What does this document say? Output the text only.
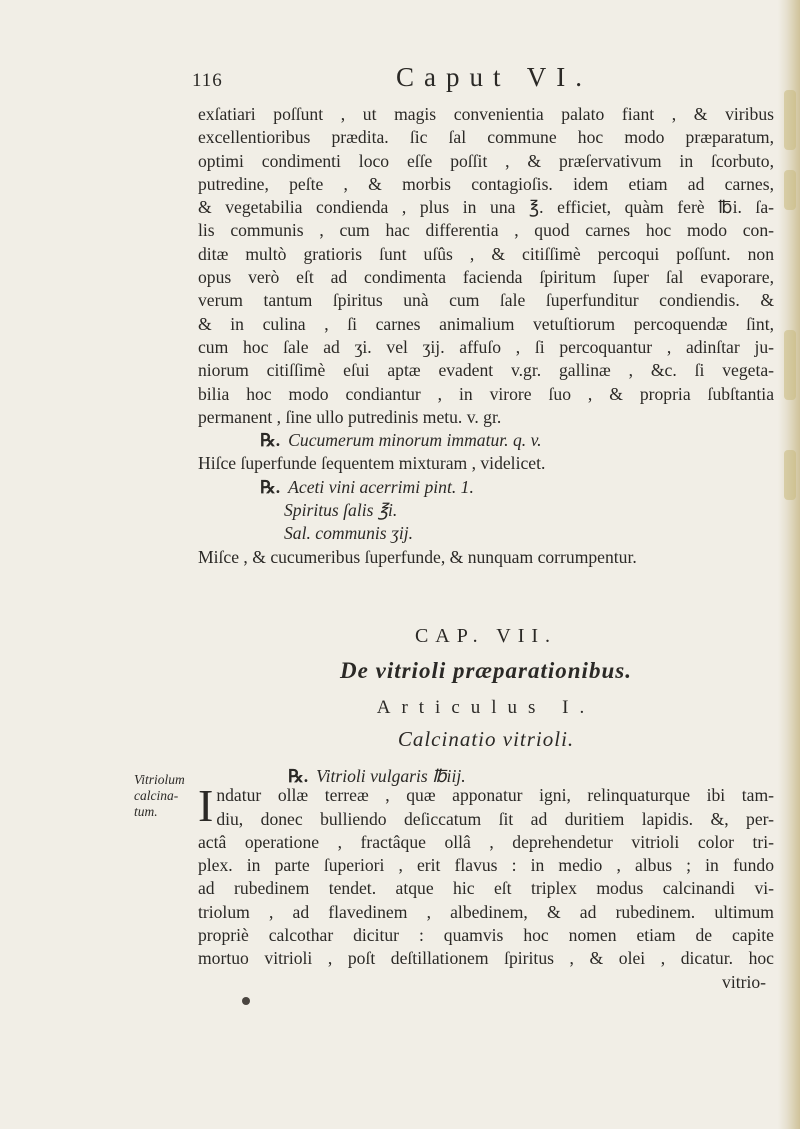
116	Caput VI.
exſatiari poſſunt , ut magis convenientia palato fiant , & viribus
excellentioribus prædita. ſic ſal commune hoc modo præparatum,
optimi condimenti loco eſſe poſſit , & præſervativum in ſcorbuto,
putredine, peſte , & morbis contagioſis. idem etiam ad carnes,
& vegetabilia condienda , plus in una ℥. efficiet, quàm ferè ℔i. ſa-
lis communis , cum hac differentia , quod carnes hoc modo con-
ditæ multò gratioris ſunt uſûs , & citiſſimè percoqui poſſunt. non
opus verò eſt ad condimenta facienda ſpiritum ſuper ſal evaporare,
verum tantum ſpiritus unà cum ſale ſuperfunditur condiendis. &
& in culina , ſi carnes animalium vetuſtiorum percoquendæ ſint,
cum hoc ſale ad ʒi. vel ʒij. affuſo , ſi percoquantur , adinſtar ju-
niorum citiſſimè eſui aptæ evadent v.gr. gallinæ , &c. ſi vegeta-
bilia hoc modo condiantur , in virore ſuo , & propria ſubſtantia
permanent , ſine ullo putredinis metu. v. gr.
℞. Cucumerum minorum immatur. q. v.
Hiſce ſuperfunde ſequentem mixturam , videlicet.
℞. Aceti vini acerrimi pint. 1.
Spiritus ſalis ℥i.
Sal. communis ʒij.
Miſce , & cucumeribus ſuperfunde, & nunquam corrumpentur.
CAP. VII.
De vitrioli præparationibus.
Articulus I.
Calcinatio vitrioli.
Vitriolum calcina-tum.
℞. Vitrioli vulgaris ℔iij.
I ndatur ollæ terreæ , quæ apponatur igni, relinquaturque ibi tam-
diu, donec bulliendo deſiccatum ſit ad duritiem lapidis. &, per-
actâ operatione , fractâque ollâ , deprehendetur vitrioli color tri-
plex. in parte ſuperiori , erit flavus : in medio , albus ; in fundo
ad rubedinem tendet. atque hic eſt triplex modus calcinandi vi-
triolum , ad flavedinem , albedinem, & ad rubedinem. ultimum
propriè calcothar dicitur : quamvis hoc nomen etiam de capite
mortuo vitrioli , poſt deſtillationem ſpiritus , & olei , dicatur. hoc
vitrio-
